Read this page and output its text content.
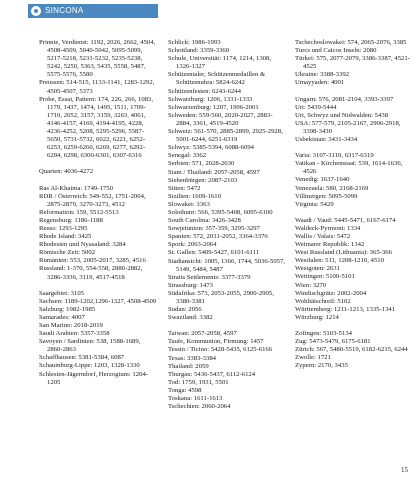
SINCONA
Prinnie, Verdienst: 1192, 2026, 2662, 4504, 4508-4509, 5040-5042, 5095-5099, 5217-5218, 5231-5232, 5235-5238, 5242, 5250, 5363, 5435, 5558, 5487, 5575-5576, 5580
Preussen: 514-515, 1133-1141, 1283-1292, 4505-4507, 5373
Probe, Essai, Pattern: 174, 226, 266, 1083, 1179, 1437, 1474, 1495, 1511, 1709-1710, 2052, 3157, 3159, 3263, 4061, 4146-4157, 4169, 4194-4195, 4228, 4236-4252, 5208, 5295-5296, 5587-5650, 5731-5732, 6022, 6221, 6252-6253, 6259-6260, 6269, 6277, 6292-6294, 6298, 6300-6301, 6307-6316
Quarten: 4036-4272
Ras Al-Khaima: 1749-1750
RDR / Österreich: 549-552, 1751-2004, 2875-2879, 3270-3273, 4512
Reformation: 159, 5512-5513
Regensburg: 1186-1188
Reuss: 1293-1295
Rhode Island: 3425
Rhodesien und Nyasaland: 3284
Römische Zeit: 5002
Rumänien: 553, 2005-2017, 3285, 4516
Russland: 1-370, 554-558, 2880-2882, 3286-3336, 3119, 4517-4518
Saargebiet: 3105
Sachsen: 1189-1202,1296-1327, 4508-4509
Salzburg: 1982-1985
Samarades: 4007
San Marino: 2018-2019
Saudi Arabien: 5357-3358
Savoyen / Sardinien: 538, 1588-1689, 2860-2863
Schaffhausen: 5381-5384, 6087
Schaumburg-Lippe: 1203, 1328-1330
Schlesien-Jägerndorf, Herzogtum: 1204-1205
Schlick: 1986-1993
Schottland: 3359-3360
Schule, Universität: 1174, 1214, 1308, 1326-1327
Schützentaler, Schützenmedaillen & Schützenuhra: 5824-6242
Schützenfesten: 6243-6244
Schwarzburg: 1206, 1331-1333
Schwarzenburg: 1207, 1996-2001
Schweden: 559-560, 2020-2027, 2883-2884, 3361, 4519-4520
Schweiz: 561-570, 2885-2899, 2925-2928, 5001-6244, 6251-6319
Schwyz: 5385-5394, 6088-6094
Senegal: 3362
Serbien: 571, 2028-2030
Siam / Thailand: 2057-2058, 4597
Siebenbürgen: 2087-2103
Sitten: 5472
Sizilien: 1609-1610
Slowakei: 3363
Solothurn: 566, 5395-5408, 6095-6100
South Carolina: 3426-3428
Sowjetunion: 357-359, 3295-3297
Spanien: 572, 2031-2052, 3364-3376
Spork: 2063-2064
St. Gallen: 5409-5427, 6101-6111
Stadtansicht: 1005, 1366, 1744, 5036-5057, 5149, 5484, 5487
Straits Settlements: 3377-3379
Strassburg: 1473
Südafrika: 573, 2053-2055, 2900-2905, 3380-3381
Sudan: 2056
Swaziland: 3382
Taiwan: 2057-2058, 4597
Taufe, Kommunion, Firmung: 1457
Tessin / Ticino: 5428-5435, 6125-6166
Texas: 3383-3384
Thailand: 2059
Thurgau: 5436-5437, 6112-6124
Tod: 1759, 1931, 5501
Tonga: 4598
Toskana: 1611-1613
Tschechien: 2060-2064
Tschechoslowakei: 574, 2065-2076, 3385
Turcs und Caicos Inseln: 2080
Türkei: 575, 2077-2079, 3386-3387, 4521-4525
Ukraine: 3388-3392
Umayyaden: 4001
Ungarn: 576, 2081-2104, 3393-3397
Uri: 5439-5444
Uri, Schwyz und Nidwalden: 5438
USA: 577-579, 2105-2167, 2906-2918, 3398-3430
Usbekistan: 3431-3434
Varia: 3107-3110, 6317-6319
Vatikan - Kirchenstaat: 539, 1614-1636, 4526
Venedig: 1637-1640
Venezuela: 580, 2168-2169
Villmergen: 5095-5099
Virginia: 5429
Waadt / Vaud: 5445-5471, 6167-6174
Waldeck-Pyrmont: 1334
Wallis / Valais: 5472
Weimarer Republik: 1342
West Russland (Lithuania): 365-366
Westfalen: 511, 1208-1210, 4510
Westgoten: 2631
Wettingen: 5100-5101
Wien: 3270
Windischgrätz: 2002-2004
Wohltätschreil: 5102
Württemberg: 1211-1213, 1335-1341
Würzburg: 1214
Zofingen: 5103-5134
Zug: 5473-5479, 6175-6181
Zürich: 567, 5480-5519, 6182-6215, 6244
Zwolle: 1721
Zypern: 2170, 3435
15
